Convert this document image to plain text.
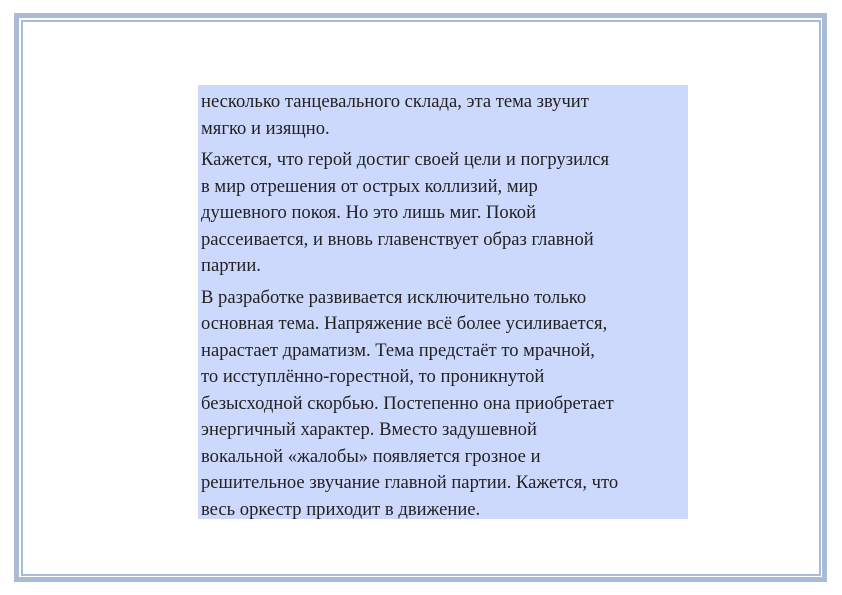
несколько танцевального склада, эта тема звучит
мягко и изящно.

Кажется, что герой достиг своей цели и погрузился
в мир отрешения от острых коллизий, мир
душевного покоя. Но это лишь миг. Покой
рассеивается, и вновь главенствует образ главной
партии.

В разработке развивается исключительно только
основная тема. Напряжение всё более усиливается,
нарастает драматизм. Тема предстаёт то мрачной,
то исступлённо-горестной, то проникнутой
безысходной скорбью. Постепенно она приобретает
энергичный характер. Вместо задушевной
вокальной «жалобы» появляется грозное и
решительное звучание главной партии. Кажется, что
весь оркестр приходит в движение.
